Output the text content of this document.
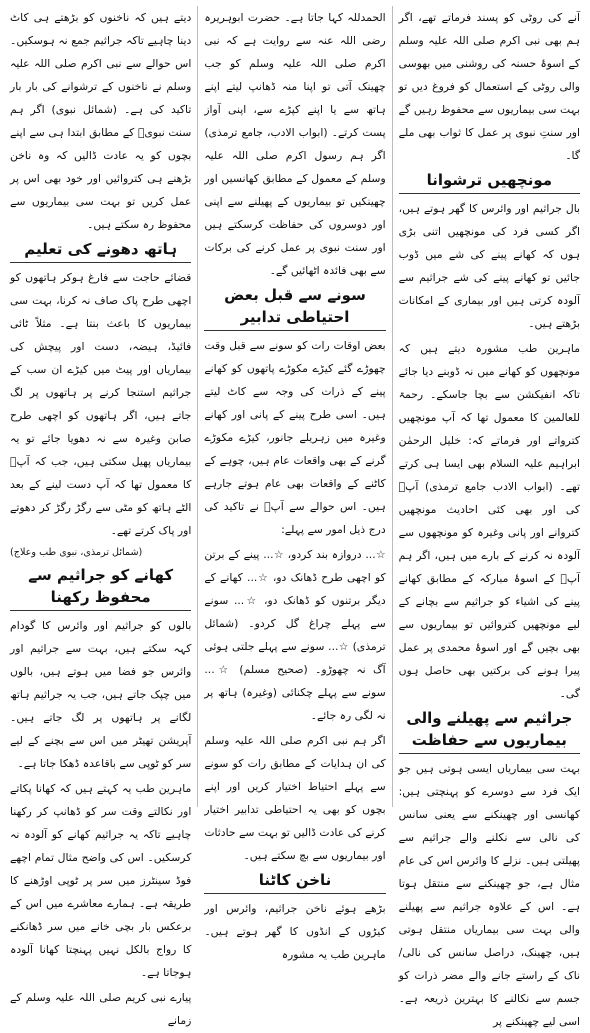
آنے کی روٹی کو پسند فرماتے تھے، اگر ہم بھی نبی اکرم صلی اللہ علیہ وسلم کے اسوۂ حسنہ کی روشنی میں بھوسی والی روٹی کے استعمال کو فروغ دیں تو بہت سی بیماریوں سے محفوظ رہیں گے اور سنتِ نبوی پر عمل کا ثواب بھی ملے گا۔

مونچھیں ترشوانا

بال جراثیم اور وائرس کا گھر ہوتے ہیں، اگر کسی فرد کی مونچھیں اتنی بڑی ہوں کہ کھانے پینے کی شے میں ڈوب جائیں تو کھانے پینے کی شے جراثیم سے آلودہ کرتی ہیں اور بیماری کے امکانات بڑھتے ہیں۔

ماہرین طب مشورہ دیتے ہیں کہ مونچھوں کو کھانے میں نہ ڈوبنے دیا جائے تاکہ انفیکشن سے بچا جاسکے۔ رحمۃ للعالمین کا معمول تھا کہ آپ مونچھیں کترواتے اور فرماتے کہ: خلیل الرحمٰن ابراہیم علیہ السلام بھی ایسا ہی کرتے تھے۔ (ابواب الادب جامع ترمذی) آپؐ کی اور بھی کئی احادیث مونچھیں کتروانے اور پانی وغیرہ کو مونچھوں سے آلودہ نہ کرنے کے بارے میں ہیں، اگر ہم آپؐ کے اسوۂ مبارکہ کے مطابق کھانے پینے کی اشیاء کو جراثیم سے بچانے کے لیے مونچھیں کتروائیں تو بیماریوں سے بھی بچیں گے اور اسوۂ محمدی پر عمل پیرا ہونے کی برکتیں بھی حاصل ہوں گی۔

جراثیم سے پھیلنے والی بیماریوں سے حفاظت

بہت سی بیماریاں ایسی ہوتی ہیں جو ایک فرد سے دوسرے کو پہنچتی ہیں: کھانسی اور چھینکنے سے یعنی سانس کی نالی سے نکلنے والے جراثیم سے پھیلتی ہیں۔ نزلے کا وائرس اس کی عام مثال ہے، جو چھینکنے سے منتقل ہوتا ہے۔ اس کے علاوہ جراثیم سے پھیلنے والی بہت سی بیماریاں منتقل ہوتی ہیں، چھینک، دراصل سانس کی نالی/ناک کے راستے جانے والے مضر ذرات کو جسم سے نکالنے کا بہترین ذریعہ ہے۔ اسی لیے چھینکنے پر

الحمدللہ کہا جاتا ہے۔ حضرت ابوہریرہ رضی اللہ عنہ سے روایت ہے کہ نبی اکرم صلی اللہ علیہ وسلم کو جب چھینک آتی تو اپنا منہ ڈھانپ لیتے اپنے ہاتھ سے یا اپنے کپڑے سے، اپنی آواز پست کرتے۔ (ابواب الادب، جامع ترمذی) اگر ہم رسول اکرم صلی اللہ علیہ وسلم کے معمول کے مطابق کھانسیں اور چھینکیں تو بیماریوں کے پھیلنے سے اپنی اور دوسروں کی حفاظت کرسکتے ہیں اور سنت نبوی پر عمل کرنے کی برکات سے بھی فائدہ اٹھائیں گے۔

سونے سے قبل بعض احتیاطی تدابیر

بعض اوقات رات کو سونے سے قبل وقت چھوڑے گئے کیڑے مکوڑے پاتھوں کو کھانے پینے کے ذرات کی وجہ سے کاٹ لیتے ہیں۔ اسی طرح پینے کے پانی اور کھانے وغیرہ میں زہریلے جانور، کیڑے مکوڑے گرنے کے بھی واقعات عام ہیں، چوہے کے کاٹنے کے واقعات بھی عام ہوتے جارہے ہیں۔ اس حوالے سے آپؐ نے تاکید کی درج ذیل امور سے پہلے:

☆... دروازہ بند کردو، ☆... پینے کے برتن کو اچھی طرح ڈھانک دو، ☆... کھانے کے دیگر برتنوں کو ڈھانک دو، ☆... سونے سے پہلے چراغ گل کردو۔ (شمائل ترمذی) ☆... سونے سے پہلے جلتی ہوئی آگ نہ چھوڑو۔ (صحیح مسلم) ☆... سونے سے پہلے چکنائی (وغیرہ) ہاتھ پر نہ لگی رہ جائے۔

اگر ہم نبی اکرم صلی اللہ علیہ وسلم کی ان ہدایات کے مطابق رات کو سونے سے پہلے احتیاط اختیار کریں اور اپنے بچوں کو بھی یہ احتیاطی تدابیر اختیار کرنے کی عادت ڈالیں تو بہت سے حادثات اور بیماریوں سے بچ سکتے ہیں۔

ناخن کاٹنا

بڑھے ہوئے ناخن جراثیم، وائرس اور کیڑوں کے انڈوں کا گھر ہوتے ہیں۔ ماہرین طب یہ مشورہ

دیتے ہیں کہ ناخنوں کو بڑھتے ہی کاٹ دینا چاہیے تاکہ جراثیم جمع نہ ہوسکیں۔ اس حوالے سے نبی اکرم صلی اللہ علیہ وسلم نے ناخنوں کے ترشوانے کی بار بار تاکید کی ہے۔ (شمائل نبوی) اگر ہم سنت نبویؐ کے مطابق ابتدا ہی سے اپنے بچوں کو یہ عادت ڈالیں کہ وہ ناخن بڑھنے ہی کتروائیں اور خود بھی اس پر عمل کریں تو بہت سی بیماریوں سے محفوظ رہ سکتے ہیں۔

ہاتھ دھونے کی تعلیم

قضائے حاجت سے فارغ ہوکر ہاتھوں کو اچھی طرح پاک صاف نہ کرنا، بہت سی بیماریوں کا باعث بنتا ہے۔ مثلاً ٹائی فائیڈ، ہیضہ، دست اور پیچش کی بیماریاں اور پیٹ میں کیڑے ان سب کے جراثیم استنجا کرنے پر ہاتھوں پر لگ جاتے ہیں، اگر ہاتھوں کو اچھی طرح صابن وغیرہ سے نہ دھویا جائے تو یہ بیماریاں پھیل سکتی ہیں، جب کہ آپؐ کا معمول تھا کہ آپ دست لینے کے بعد الٹے ہاتھ کو مٹی سے رگڑ رگڑ کر دھوتے اور پاک کرتے تھے۔

(شمائل ترمذی، نبوی طب وعلاج)
کھانے کو جراثیم سے محفوظ رکھنا

بالوں کو جراثیم اور وائرس کا گودام کہہ سکتے ہیں، بہت سے جراثیم اور وائرس جو فضا میں ہوتے ہیں، بالوں میں چپک جاتے ہیں، جب یہ جراثیم ہاتھ لگانے پر ہاتھوں پر لگ جاتے ہیں۔ آپریشن تھیٹر میں اس سے بچنے کے لیے سر کو ٹوپی سے باقاعدہ ڈھکا جاتا ہے۔

ماہرین طب یہ کہتے ہیں کہ کھانا پکاتے اور نکالتے وقت سر کو ڈھانپ کر رکھنا چاہیے تاکہ یہ جراثیم کھانے کو آلودہ نہ کرسکیں۔ اس کی واضح مثال تمام اچھے فوڈ سینٹرز میں سر پر ٹوپی اوڑھنے کا طریقہ ہے۔ ہمارے معاشرے میں اس کے برعکس بار بچی خانے میں سر ڈھانکنے کا رواج بالکل نہیں پہنچتا کھانا آلودہ ہوجاتا ہے۔

پیارے نبی کریم صلی اللہ علیہ وسلم کے زمانے
